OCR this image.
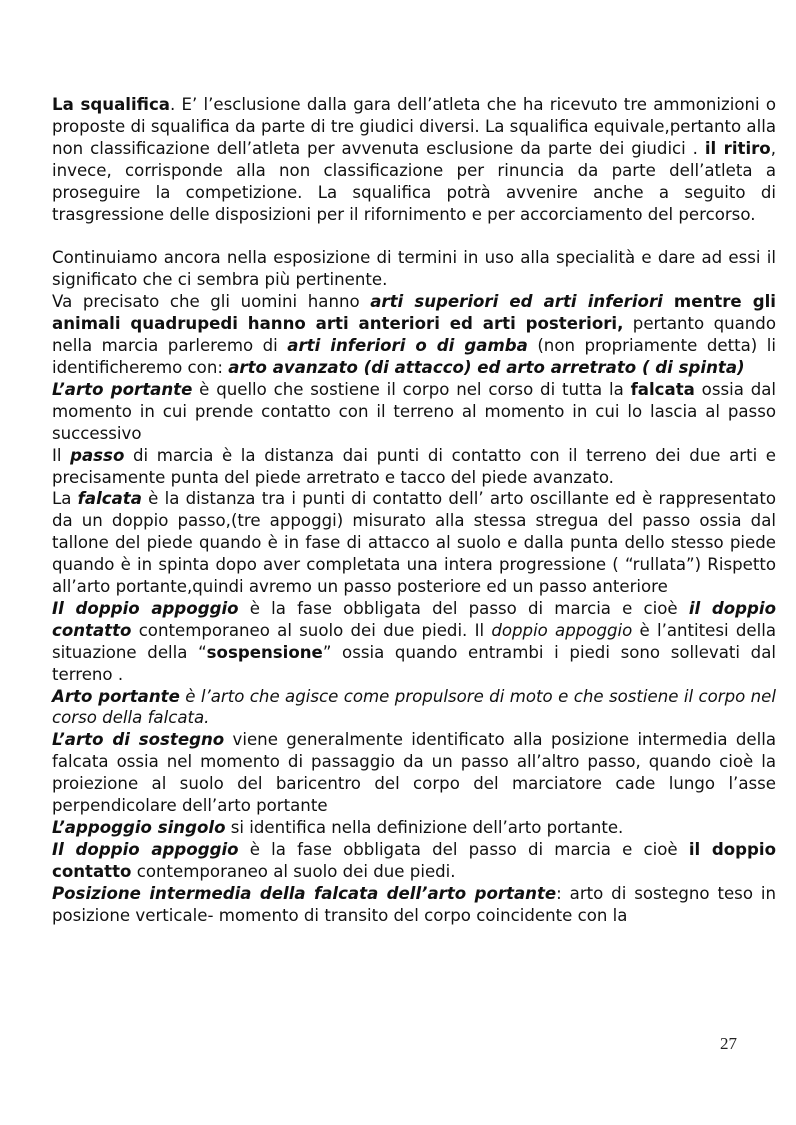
La squalifica. E’ l’esclusione dalla gara dell’atleta che ha ricevuto tre ammonizioni o proposte di squalifica da parte di tre giudici diversi. La squalifica equivale,pertanto alla non classificazione dell’atleta per avvenuta esclusione da parte dei giudici . il ritiro, invece, corrisponde alla non classificazione per rinuncia da parte dell’atleta a proseguire la competizione. La squalifica potrà avvenire anche a seguito di trasgressione delle disposizioni per il rifornimento e per accorciamento del percorso.

Continuiamo ancora nella esposizione di termini in uso alla specialità e dare ad essi il significato che ci sembra più pertinente.

Va precisato che gli uomini hanno arti superiori ed arti inferiori mentre gli animali quadrupedi hanno arti anteriori ed arti posteriori, pertanto quando nella marcia parleremo di arti inferiori o di gamba (non propriamente detta) li identificheremo con: arto avanzato (di attacco) ed arto arretrato ( di spinta)

L’arto portante è quello che sostiene il corpo nel corso di tutta la falcata ossia dal momento in cui prende contatto con il terreno al momento in cui lo lascia al passo successivo

Il passo di marcia è la distanza dai punti di contatto con il terreno dei due arti e precisamente punta del piede arretrato e tacco del piede avanzato.

La falcata è la distanza tra i punti di contatto dell’ arto oscillante ed è rappresentato da un doppio passo,(tre appoggi) misurato alla stessa stregua del passo ossia dal tallone del piede quando è in fase di attacco al suolo e dalla punta dello stesso piede quando è in spinta dopo aver completata una intera progressione ( “rullata”) Rispetto all’arto portante,quindi avremo un passo posteriore ed un passo anteriore

Il doppio appoggio è la fase obbligata del passo di marcia e cioè il doppio contatto contemporaneo al suolo dei due piedi. Il doppio appoggio è l’antitesi della situazione della “sospensione” ossia quando entrambi i piedi sono sollevati dal terreno .

Arto portante è l’arto che agisce come propulsore di moto e che sostiene il corpo nel corso della falcata.

L’arto di sostegno viene generalmente identificato alla posizione intermedia della falcata ossia nel momento di passaggio da un passo all’altro passo, quando cioè la proiezione al suolo del baricentro del corpo del marciatore cade lungo l’asse perpendicolare dell’arto portante

L’appoggio singolo si identifica nella definizione dell’arto portante.

Il doppio appoggio è la fase obbligata del passo di marcia e cioè il doppio contatto contemporaneo al suolo dei due piedi.

Posizione intermedia della falcata dell’arto portante: arto di sostegno teso in posizione verticale- momento di transito del corpo coincidente con la

27
